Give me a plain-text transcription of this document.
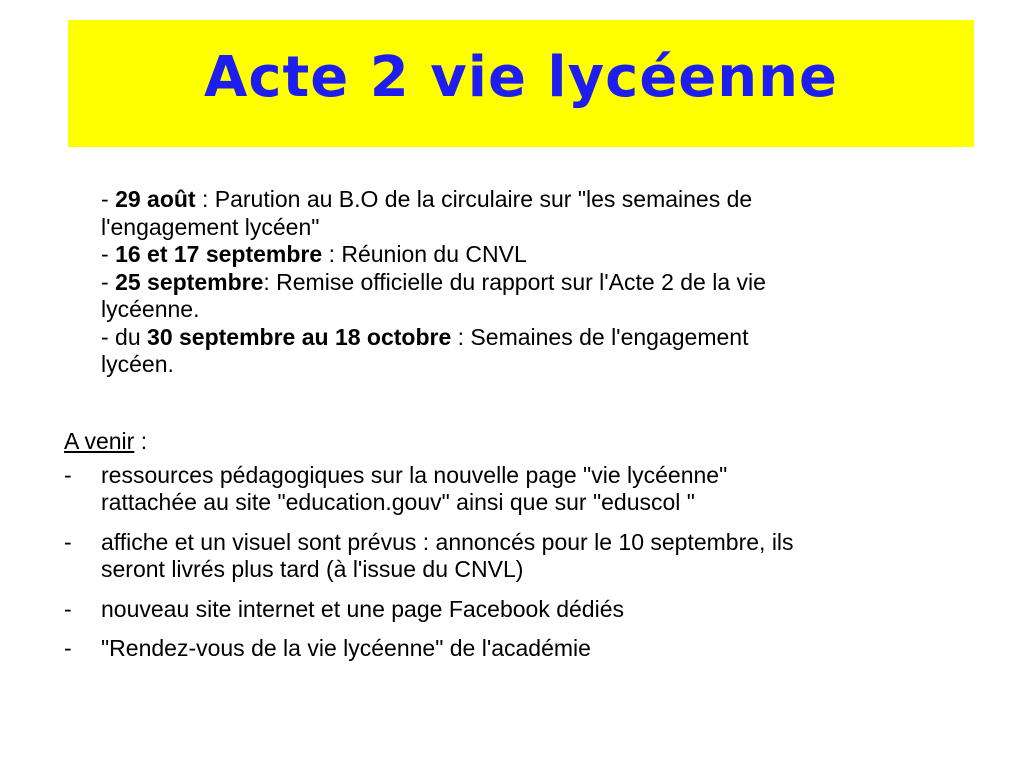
Acte 2 vie lycéenne
- 29 août : Parution au B.O de la circulaire sur "les semaines de
l'engagement lycéen"
- 16 et 17 septembre : Réunion du CNVL
- 25 septembre: Remise officielle du rapport sur l'Acte 2 de la vie
lycéenne.
- du 30 septembre au 18 octobre : Semaines de l'engagement
lycéen.
A venir :
- ressources pédagogiques sur la nouvelle page "vie lycéenne"
rattachée au site "education.gouv" ainsi que sur "eduscol "
- affiche et un visuel sont prévus : annoncés pour le 10 septembre, ils
seront livrés plus tard (à l'issue du CNVL)
- nouveau site internet et une page Facebook dédiés
- "Rendez-vous de la vie lycéenne" de l'académie
